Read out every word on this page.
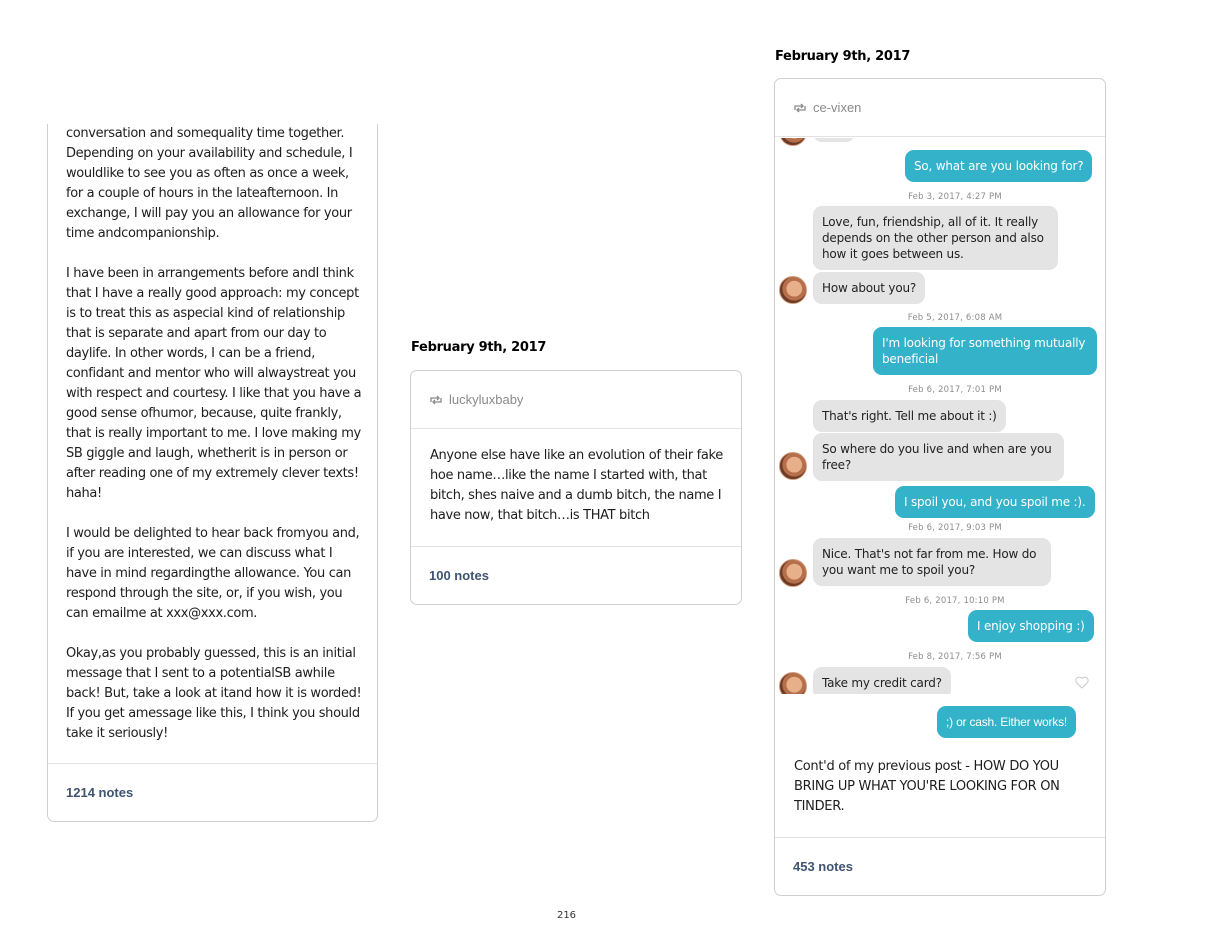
conversation and somequality time together. Depending on your availability and schedule, I wouldlike to see you as often as once a week, for a couple of hours in the lateafternoon. In exchange, I will pay you an allowance for your time andcompanionship.

I have been in arrangements before andI think that I have a really good approach: my concept is to treat this as aspecial kind of relationship that is separate and apart from our day to daylife. In other words, I can be a friend, confidant and mentor who will alwaystreat you with respect and courtesy. I like that you have a good sense ofhumor, because, quite frankly, that is really important to me. I love making my SB giggle and laugh, whetherit is in person or after reading one of my extremely clever texts! haha!

I would be delighted to hear back fromyou and, if you are interested, we can discuss what I have in mind regardingthe allowance. You can respond through the site, or, if you wish, you can emailme at xxx@xxx.com.

Okay,as you probably guessed, this is an initial message that I sent to a potentialSB awhile back! But, take a look at itand how it is worded! If you get amessage like this, I think you should take it seriously!

1214 notes
February 9th, 2017
luckyluxbaby
Anyone else have like an evolution of their fake hoe name…like the name I started with, that bitch, shes naive and a dumb bitch, the name I have now, that bitch…is THAT bitch
100 notes
February 9th, 2017
ce-vixen
So, what are you looking for?
Feb 3, 2017, 4:27 PM
Love, fun, friendship, all of it. It really depends on the other person and also how it goes between us.
How about you?
Feb 5, 2017, 6:08 AM
I'm looking for something mutually beneficial
Feb 6, 2017, 7:01 PM
That's right. Tell me about it :)
So where do you live and when are you free?
I spoil you, and you spoil me :).
Feb 6, 2017, 9:03 PM
Nice. That's not far from me. How do you want me to spoil you?
Feb 6, 2017, 10:10 PM
I enjoy shopping :)
Feb 8, 2017, 7:56 PM
Take my credit card?
;) or cash. Either works!
Cont'd of my previous post - HOW DO YOU BRING UP WHAT YOU'RE LOOKING FOR ON TINDER.
453 notes
216
